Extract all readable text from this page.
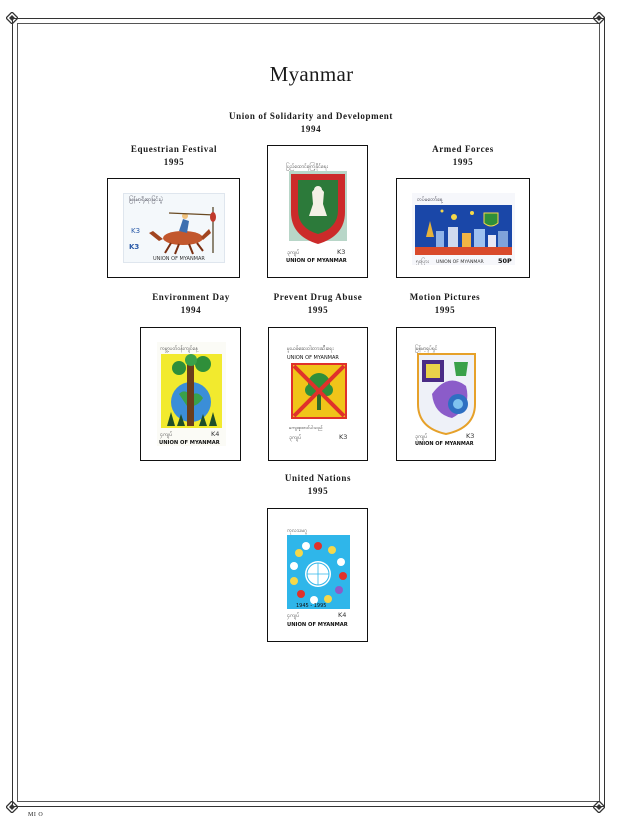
Myanmar
Union of Solidarity and Development
1994
Equestrian Festival
1995
မြန်မာ့ရိုးရာမြင်းပွဲ
K3
K3
UNION OF MYANMAR
ပြည်ထောင်စုကြံ့ခိုင်ရေး
၃ကျပ်	K3
UNION OF MYANMAR
Armed Forces
1995
တပ်မတော်နေ့
၅၀ပြား UNION OF MYANMAR 50P
Environment Day
1994
Prevent Drug Abuse
1995
Motion Pictures
1995
ကမ္ဘာ့ပတ်ဝန်းကျင်နေ့
၄ကျပ်	K4
UNION OF MYANMAR
မူးယစ်ဆေးဝါးတားဆီးရေး
UNION OF MYANMAR
ကျေးဇူးတင်ပါသည်
၃ကျပ်	K3
မြန်မာ့ရုပ်ရှင်
၃ကျပ်	K3
UNION OF MYANMAR
United Nations
1995
ကုလသမဂ္ဂ
1945 - 1995
၄ကျပ်	K4
UNION OF MYANMAR
MI O
